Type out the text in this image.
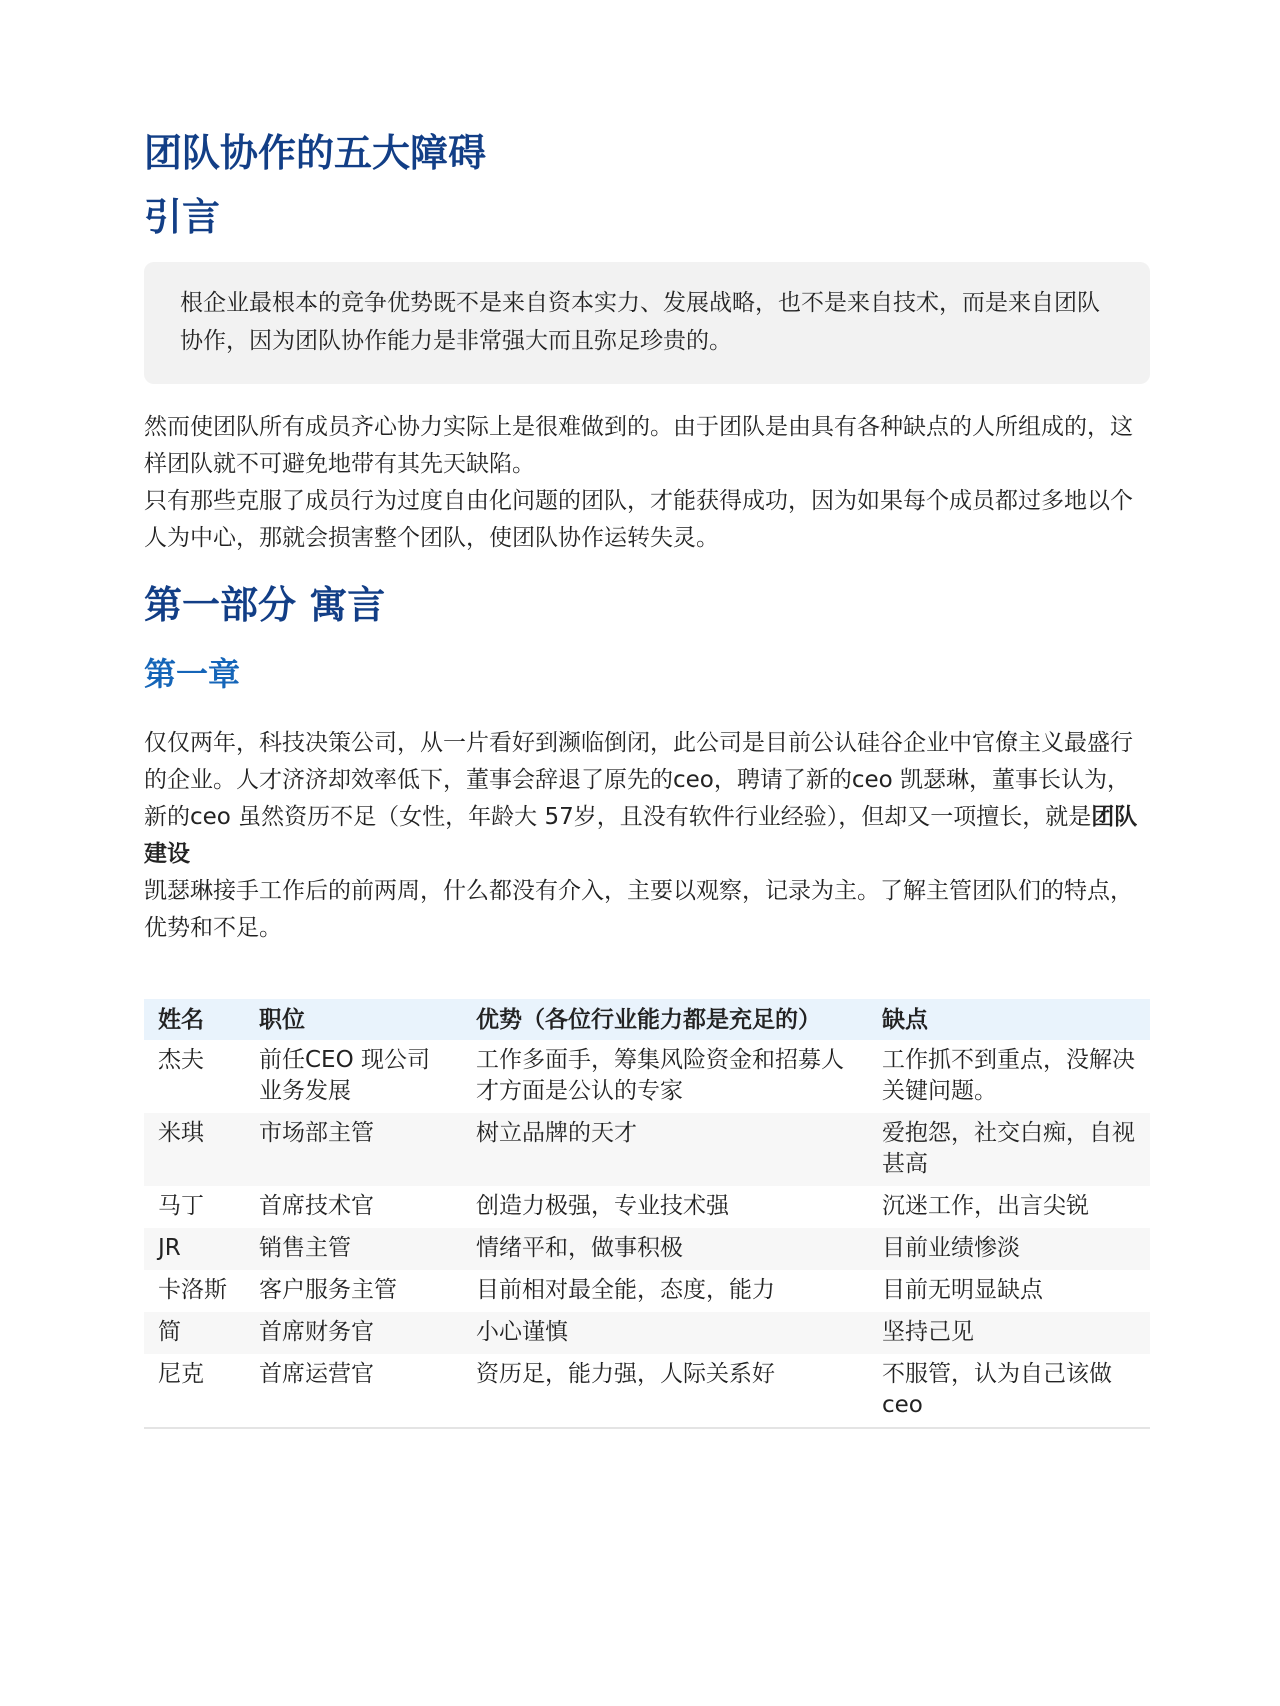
团队协作的五大障碍
引言
根企业最根本的竞争优势既不是来自资本实力、发展战略，也不是来自技术，而是来自团队协作，因为团队协作能力是非常强大而且弥足珍贵的。

然而使团队所有成员齐心协力实际上是很难做到的。由于团队是由具有各种缺点的人所组成的，这样团队就不可避免地带有其先天缺陷。

只有那些克服了成员行为过度自由化问题的团队，才能获得成功，因为如果每个成员都过多地以个人为中心，那就会损害整个团队，使团队协作运转失灵。

第一部分 寓言
第一章

仅仅两年，科技决策公司，从一片看好到濒临倒闭，此公司是目前公认硅谷企业中官僚主义最盛行的企业。人才济济却效率低下，董事会辞退了原先的ceo，聘请了新的ceo 凯瑟琳，董事长认为，新的ceo 虽然资历不足（女性，年龄大 57岁，且没有软件行业经验），但却又一项擅长，就是团队建设

凯瑟琳接手工作后的前两周，什么都没有介入，主要以观察，记录为主。了解主管团队们的特点，优势和不足。

姓名	职位	优势（各位行业能力都是充足的）	缺点
杰夫	前任CEO 现公司业务发展	工作多面手，筹集风险资金和招募人才方面是公认的专家	工作抓不到重点，没解决关键问题。
米琪	市场部主管	树立品牌的天才	爱抱怨，社交白痴，自视甚高
马丁	首席技术官	创造力极强，专业技术强	沉迷工作，出言尖锐
JR	销售主管	情绪平和，做事积极	目前业绩惨淡
卡洛斯	客户服务主管	目前相对最全能，态度，能力	目前无明显缺点
简	首席财务官	小心谨慎	坚持己见
尼克	首席运营官	资历足，能力强，人际关系好	不服管，认为自己该做ceo
